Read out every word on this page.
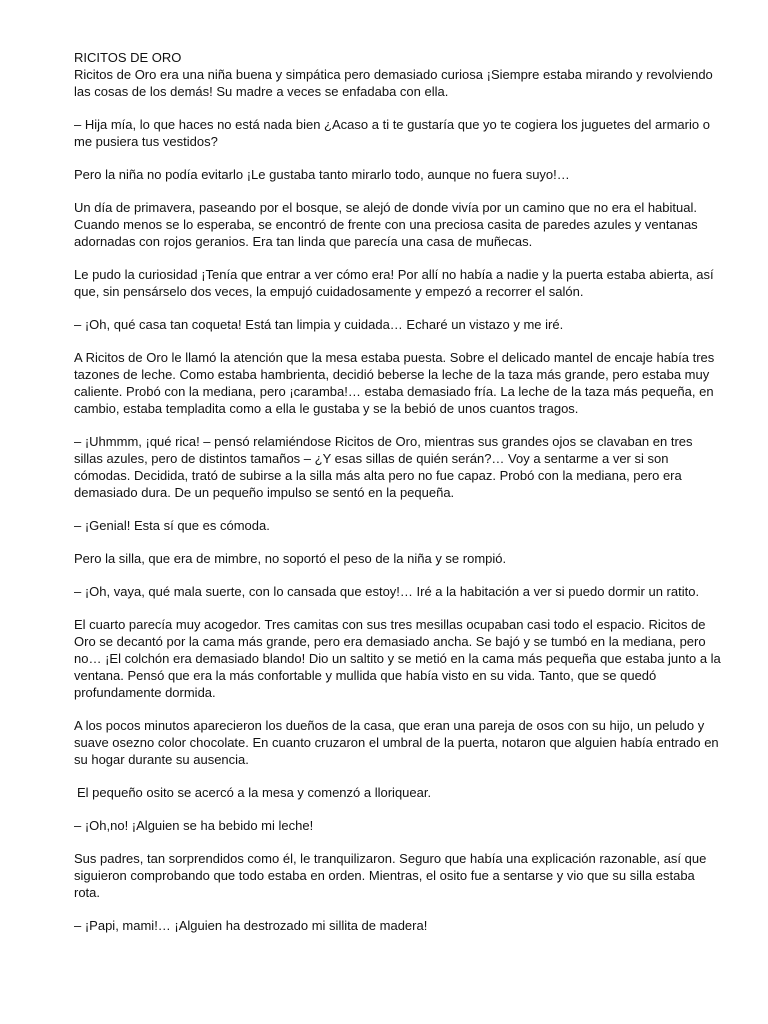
RICITOS DE ORO

Ricitos de Oro era una niña buena y simpática pero demasiado curiosa ¡Siempre estaba mirando y revolviendo las cosas de los demás! Su madre a veces se enfadaba con ella.

– Hija mía, lo que haces no está nada bien ¿Acaso a ti te gustaría que yo te cogiera los juguetes del armario o me pusiera tus vestidos?

Pero la niña no podía evitarlo ¡Le gustaba tanto mirarlo todo, aunque no fuera suyo!…

Un día de primavera, paseando por el bosque, se alejó de donde vivía por un camino que no era el habitual. Cuando menos se lo esperaba, se encontró de frente con una preciosa casita de paredes azules y ventanas adornadas con rojos geranios. Era tan linda que parecía una casa de muñecas.

Le pudo la curiosidad ¡Tenía que entrar a ver cómo era! Por allí no había a nadie y la puerta estaba abierta, así que, sin pensárselo dos veces, la empujó cuidadosamente y empezó a recorrer el salón.

– ¡Oh, qué casa tan coqueta! Está tan limpia y cuidada… Echaré un vistazo y me iré.

A Ricitos de Oro le llamó la atención que la mesa estaba puesta. Sobre el delicado mantel de encaje había tres tazones de leche. Como estaba hambrienta, decidió beberse la leche de la taza más grande, pero estaba muy caliente. Probó con la mediana, pero ¡caramba!… estaba demasiado fría. La leche de la taza más pequeña, en cambio, estaba templadita como a ella le gustaba y se la bebió de unos cuantos tragos.

– ¡Uhmmm, ¡qué rica! – pensó relamiéndose Ricitos de Oro, mientras sus grandes ojos se clavaban en tres sillas azules, pero de distintos tamaños – ¿Y esas sillas de quién serán?… Voy a sentarme a ver si son cómodas. Decidida, trató de subirse a la silla más alta pero no fue capaz. Probó con la mediana, pero era demasiado dura. De un pequeño impulso se sentó en la pequeña.

– ¡Genial! Esta sí que es cómoda.

Pero la silla, que era de mimbre, no soportó el peso de la niña y se rompió.

– ¡Oh, vaya, qué mala suerte, con lo cansada que estoy!… Iré a la habitación a ver si puedo dormir un ratito.

El cuarto parecía muy acogedor. Tres camitas con sus tres mesillas ocupaban casi todo el espacio. Ricitos de Oro se decantó por la cama más grande, pero era demasiado ancha. Se bajó y se tumbó en la mediana, pero no… ¡El colchón era demasiado blando! Dio un saltito y se metió en la cama más pequeña que estaba junto a la ventana. Pensó que era la más confortable y mullida que había visto en su vida. Tanto, que se quedó profundamente dormida.

A los pocos minutos aparecieron los dueños de la casa, que eran una pareja de osos con su hijo, un peludo y suave osezno color chocolate. En cuanto cruzaron el umbral de la puerta, notaron que alguien había entrado en su hogar durante su ausencia.

El pequeño osito se acercó a la mesa y comenzó a lloriquear.

– ¡Oh,no! ¡Alguien se ha bebido mi leche!

Sus padres, tan sorprendidos como él, le tranquilizaron. Seguro que había una explicación razonable, así que siguieron comprobando que todo estaba en orden. Mientras, el osito fue a sentarse y vio que su silla estaba rota.

– ¡Papi, mami!… ¡Alguien ha destrozado mi sillita de madera!
